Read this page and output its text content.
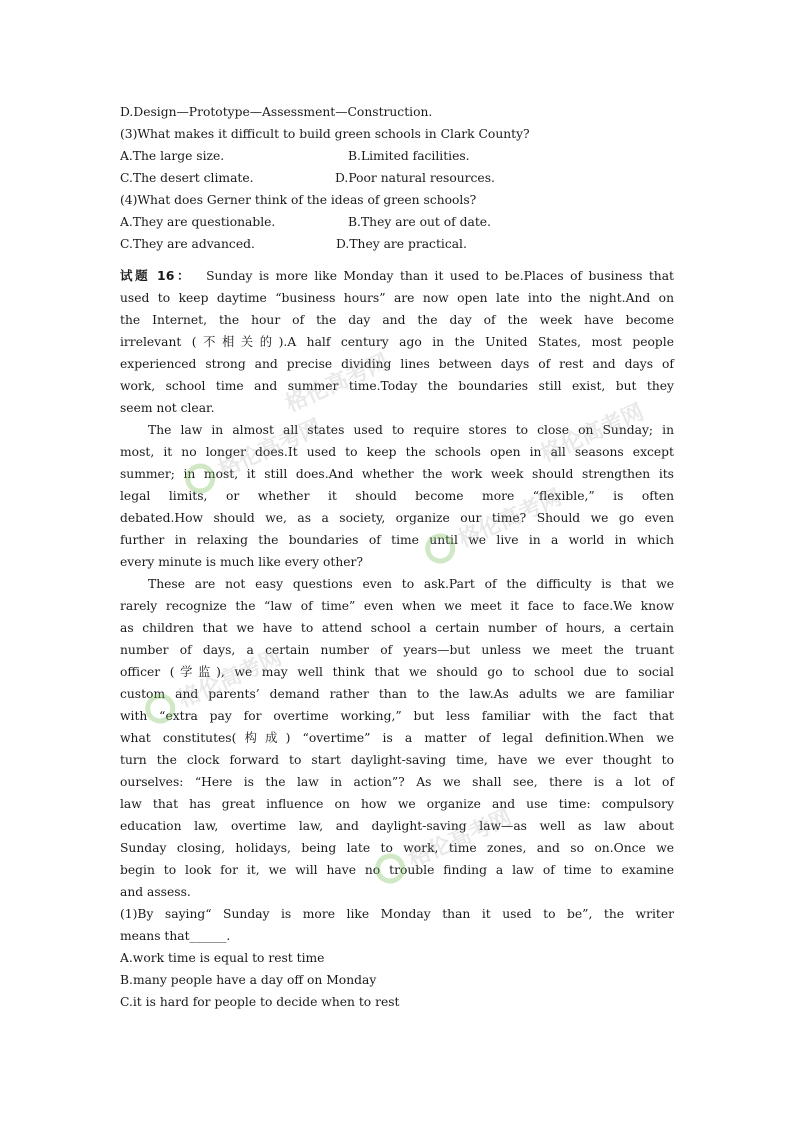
D.Design—Prototype—Assessment—Construction.
(3)What makes it difficult to build green schools in Clark County?
A.The large size.	B.Limited facilities.
C.The desert climate.	D.Poor natural resources.
(4)What does Gerner think of the ideas of green schools?
A.They are questionable.	B.They are out of date.
C.They are advanced.	D.They are practical.
试题 16： Sunday is more like Monday than it used to be.Places of business that
used to keep daytime “business hours” are now open late into the night.And on
the Internet, the hour of the day and the day of the week have become
irrelevant (不相关的).A half century ago in the United States, most people
experienced strong and precise dividing lines between days of rest and days of
work, school time and summer time.Today the boundaries still exist, but they
seem not clear.
The law in almost all states used to require stores to close on Sunday; in
most, it no longer does.It used to keep the schools open in all seasons except
summer; in most, it still does.And whether the work week should strengthen its
legal limits, or whether it should become more “flexible,” is often
debated.How should we, as a society, organize our time? Should we go even
further in relaxing the boundaries of time until we live in a world in which
every minute is much like every other?
These are not easy questions even to ask.Part of the difficulty is that we
rarely recognize the “law of time” even when we meet it face to face.We know
as children that we have to attend school a certain number of hours, a certain
number of days, a certain number of years—but unless we meet the truant
officer (学监), we may well think that we should go to school due to social
custom and parents’ demand rather than to the law.As adults we are familiar
with “extra pay for overtime working,” but less familiar with the fact that
what constitutes(构成) “overtime” is a matter of legal definition.When we
turn the clock forward to start daylight-saving time, have we ever thought to
ourselves: “Here is the law in action”? As we shall see, there is a lot of
law that has great influence on how we organize and use time: compulsory
education law, overtime law, and daylight-saving law—as well as law about
Sunday closing, holidays, being late to work, time zones, and so on.Once we
begin to look for it, we will have no trouble finding a law of time to examine
and assess.
(1)By saying“ Sunday is more like Monday than it used to be”, the writer
means that______.
A.work time is equal to rest time
B.many people have a day off on Monday
C.it is hard for people to decide when to rest
格伦高考网
格伦高考网
格伦高考网
格伦高考网
格伦高考网
格伦高考网
